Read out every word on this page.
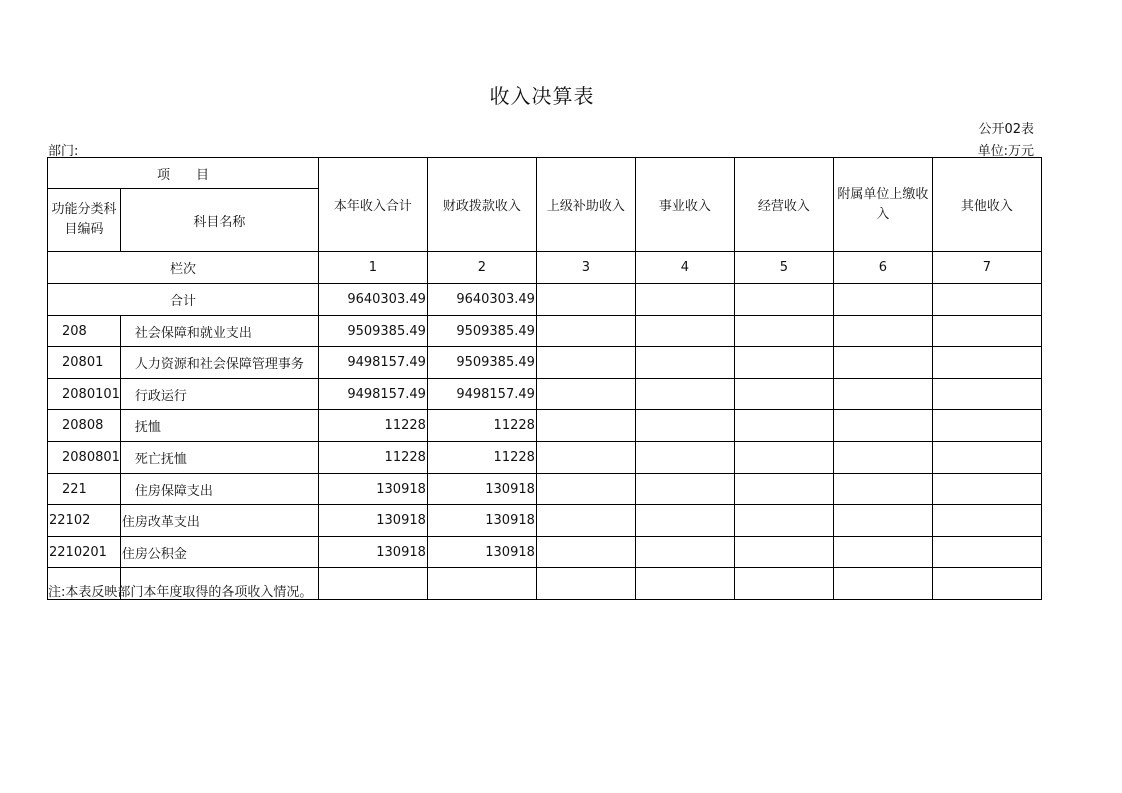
收入决算表
公开02表
部门:	单位:万元
项　　目		本年收入合计	财政拨款收入	上级补助收入	事业收入	经营收入	附属单位上缴收入	其他收入
功能分类科目编码	科目名称							
栏次		1	2	3	4	5	6	7
合计		9640303.49	9640303.49					
208	社会保障和就业支出	9509385.49	9509385.49					
20801	人力资源和社会保障管理事务	9498157.49	9509385.49					
2080101	行政运行	9498157.49	9498157.49					
20808	抚恤	11228	11228					
2080801	死亡抚恤	11228	11228					
221	住房保障支出	130918	130918					
22102	住房改革支出	130918	130918					
2210201	住房公积金	130918	130918					

注:本表反映部门本年度取得的各项收入情况。
